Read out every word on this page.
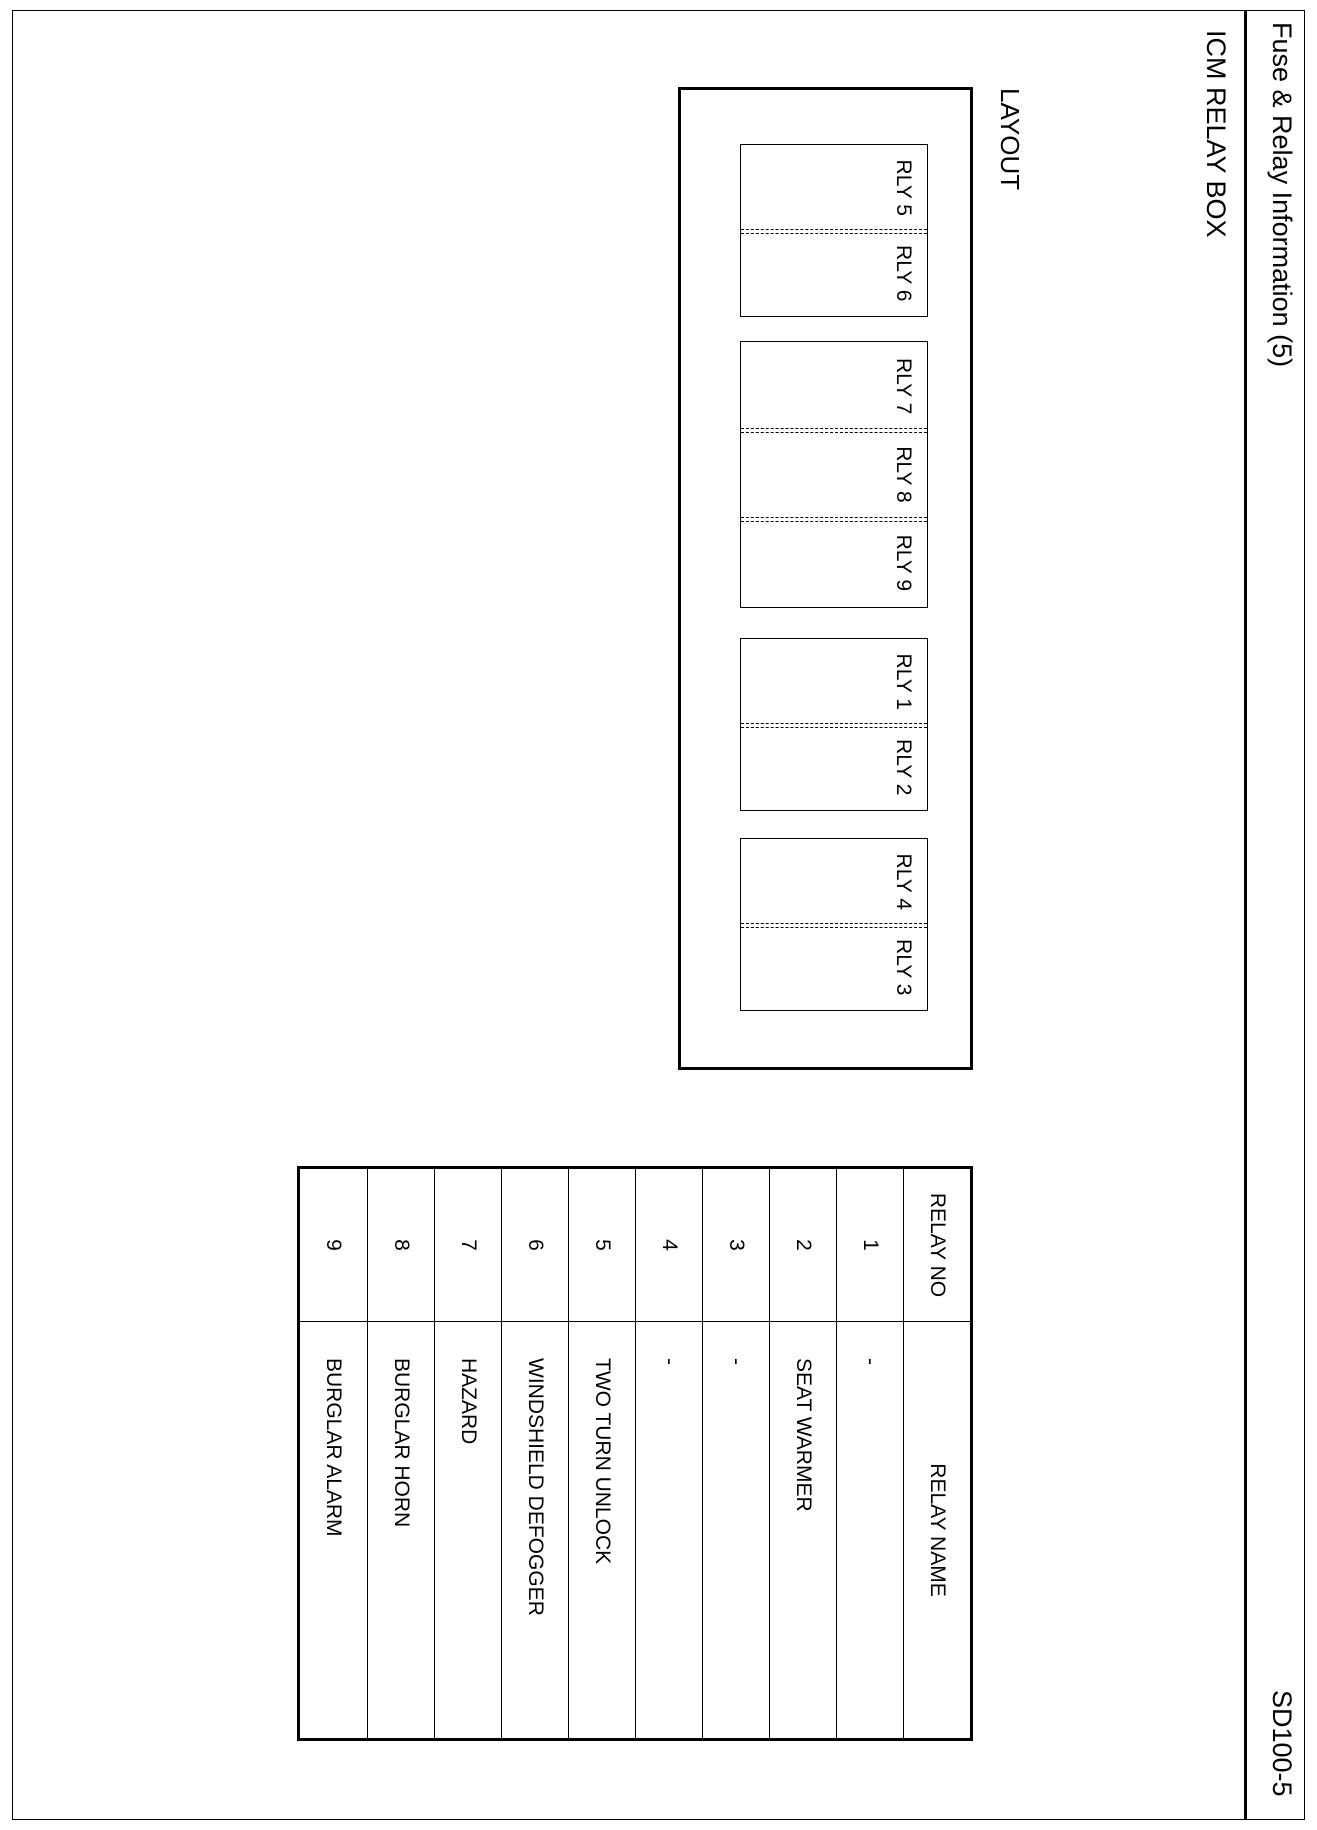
Fuse & Relay Information (5)
SD100-5
ICM RELAY BOX
LAYOUT
RLY 5
RLY 6
RLY 7
RLY 8
RLY 9
RLY 1
RLY 2
RLY 4
RLY 3
RELAY NO	RELAY NAME
1	-
2	SEAT WARMER
3	-
4	-
5	TWO TURN UNLOCK
6	WINDSHIELD DEFOGGER
7	HAZARD
8	BURGLAR HORN
9	BURGLAR ALARM
